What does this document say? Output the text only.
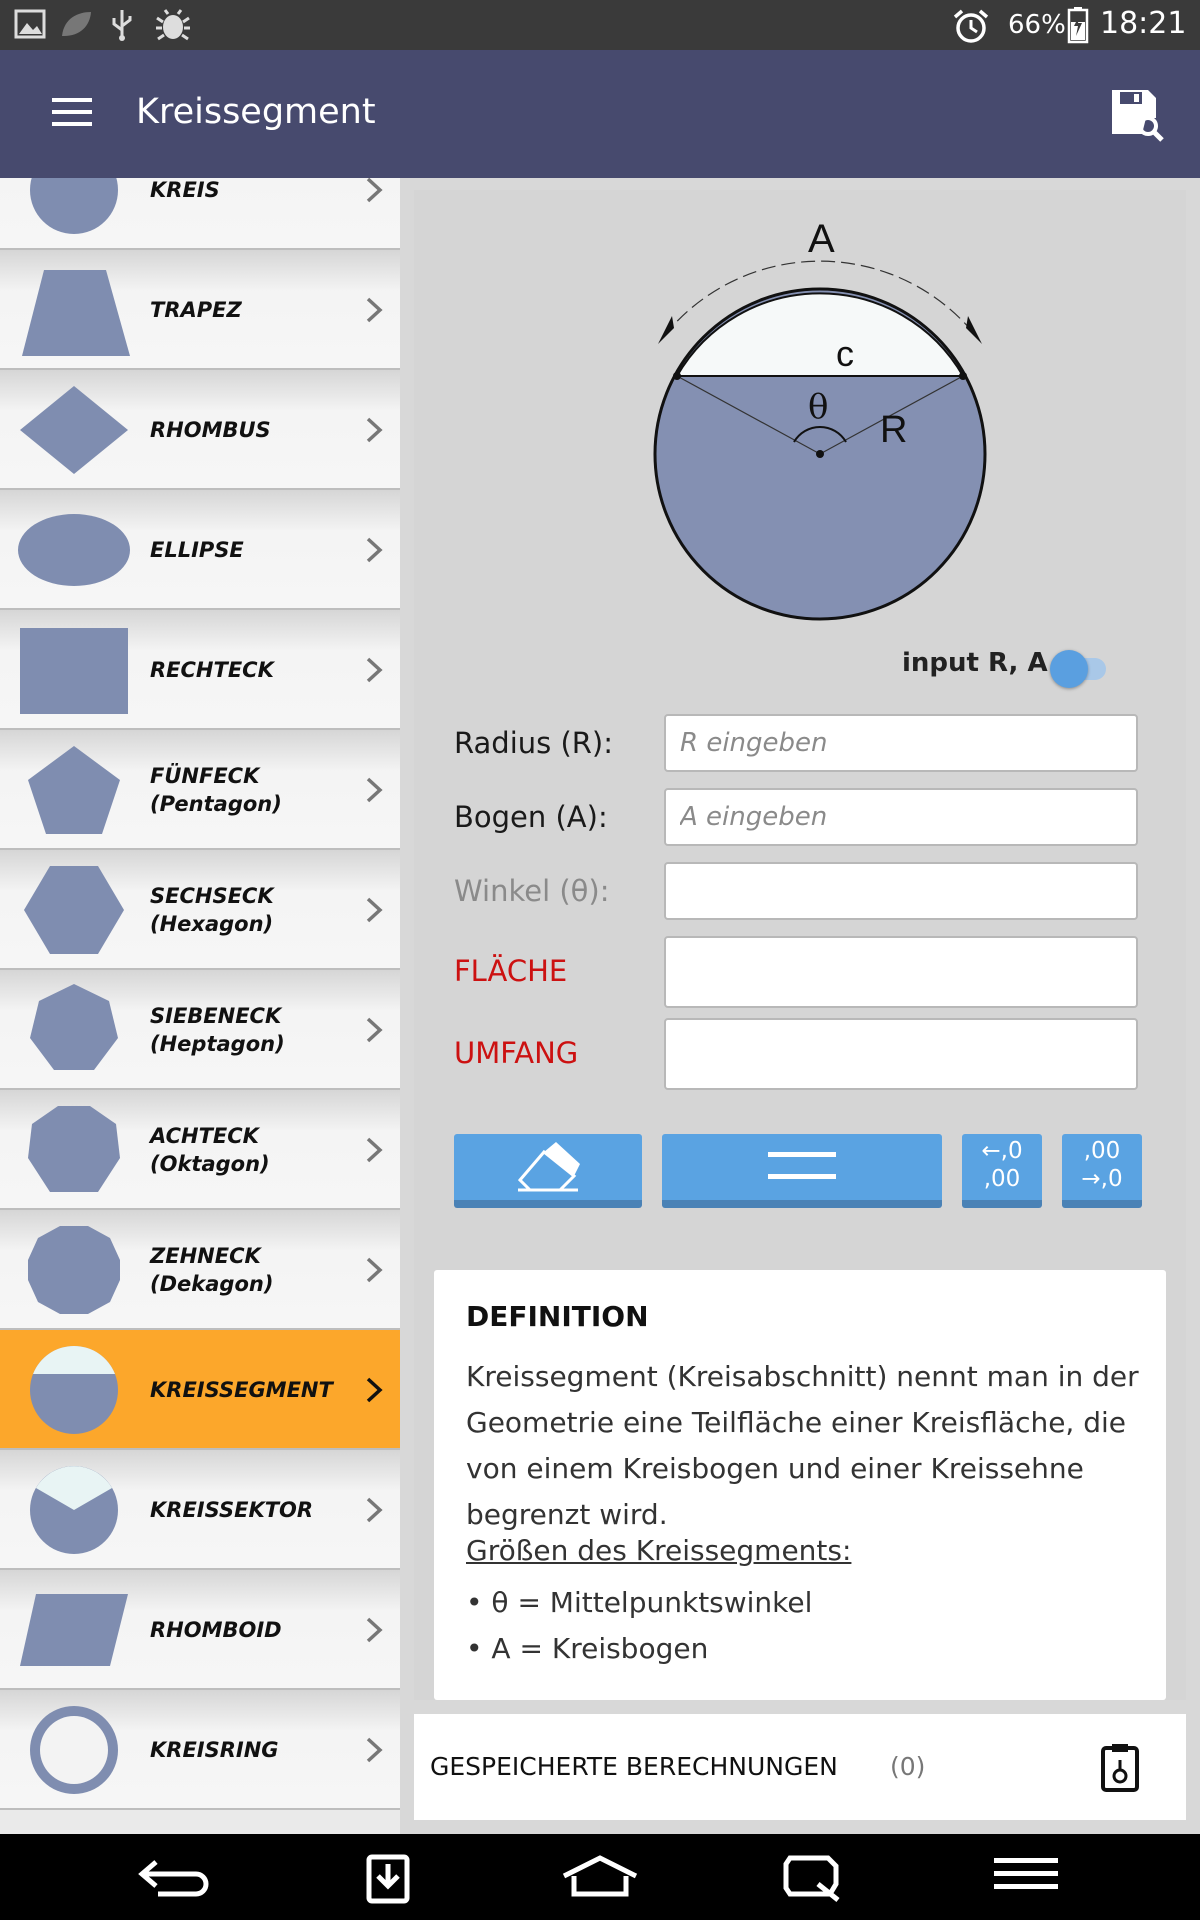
66% 18:21
Kreissegment
KREIS
TRAPEZ
RHOMBUS
ELLIPSE
RECHTECK
FÜNFECK
(Pentagon)
SECHSECK
(Hexagon)
SIEBENECK
(Heptagon)
ACHTECK
(Oktagon)
ZEHNECK
(Dekagon)
KREISSEGMENT
KREISSEKTOR
RHOMBOID
KREISRING
A
c
θ
R
input R, A
Radius (R):
R eingeben
Bogen (A):
A eingeben
Winkel (θ):
FLÄCHE
UMFANG
←,0
,00
,00
→,0
DEFINITION
Kreissegment (Kreisabschnitt) nennt man in der Geometrie eine Teilfläche einer Kreisfläche, die von einem Kreisbogen und einer Kreissehne begrenzt wird.
Größen des Kreissegments:
• θ = Mittelpunktswinkel
• A = Kreisbogen
GESPEICHERTE BERECHNUNGEN (0)
